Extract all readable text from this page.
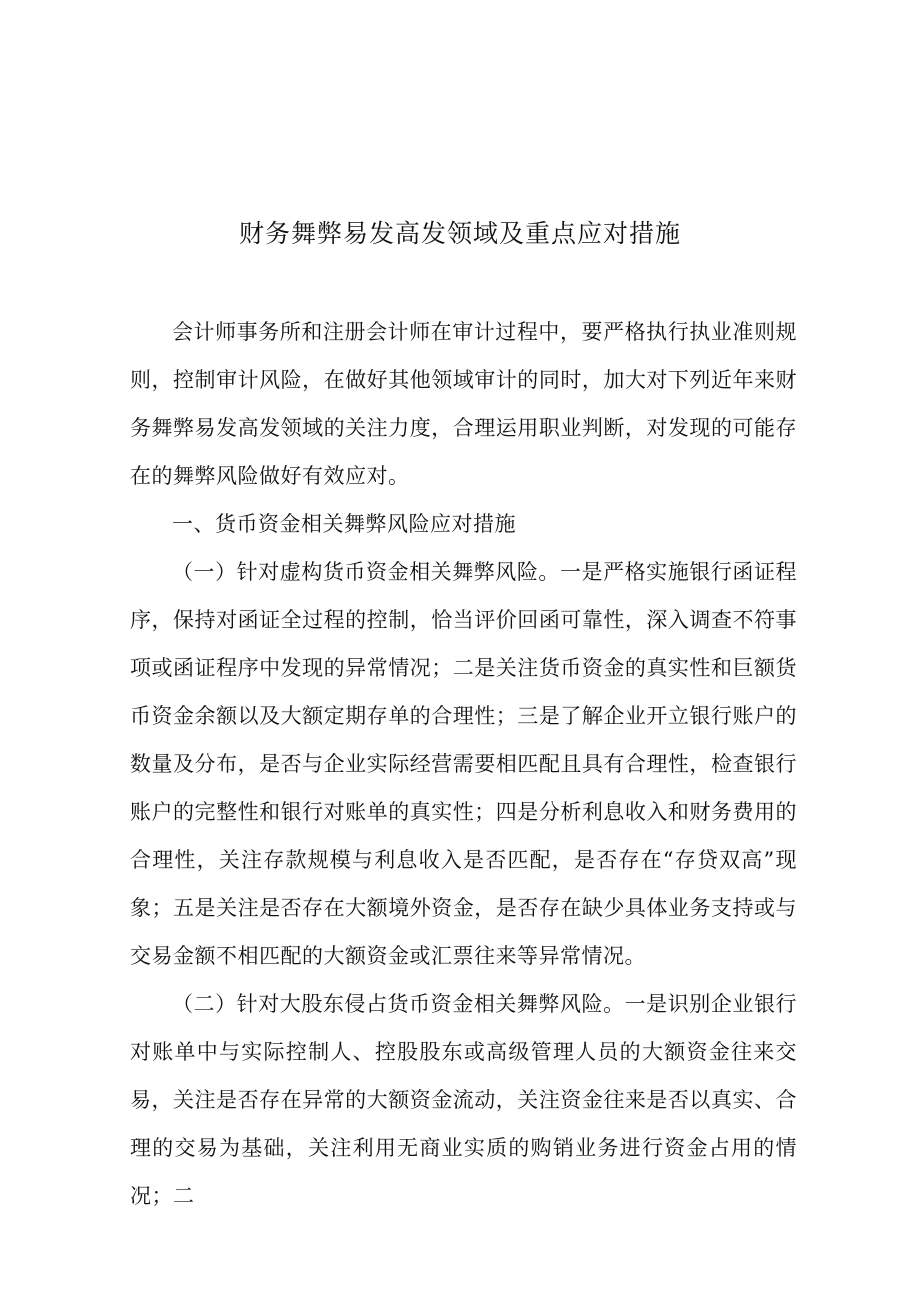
财务舞弊易发高发领域及重点应对措施

会计师事务所和注册会计师在审计过程中，要严格执行执业准则规则，控制审计风险，在做好其他领域审计的同时，加大对下列近年来财务舞弊易发高发领域的关注力度，合理运用职业判断，对发现的可能存在的舞弊风险做好有效应对。

一、货币资金相关舞弊风险应对措施

（一）针对虚构货币资金相关舞弊风险。一是严格实施银行函证程序，保持对函证全过程的控制，恰当评价回函可靠性，深入调查不符事项或函证程序中发现的异常情况；二是关注货币资金的真实性和巨额货币资金余额以及大额定期存单的合理性；三是了解企业开立银行账户的数量及分布，是否与企业实际经营需要相匹配且具有合理性，检查银行账户的完整性和银行对账单的真实性；四是分析利息收入和财务费用的合理性，关注存款规模与利息收入是否匹配，是否存在“存贷双高”现象；五是关注是否存在大额境外资金，是否存在缺少具体业务支持或与交易金额不相匹配的大额资金或汇票往来等异常情况。

（二）针对大股东侵占货币资金相关舞弊风险。一是识别企业银行对账单中与实际控制人、控股股东或高级管理人员的大额资金往来交易，关注是否存在异常的大额资金流动，关注资金往来是否以真实、合理的交易为基础，关注利用无商业实质的购销业务进行资金占用的情况；二
